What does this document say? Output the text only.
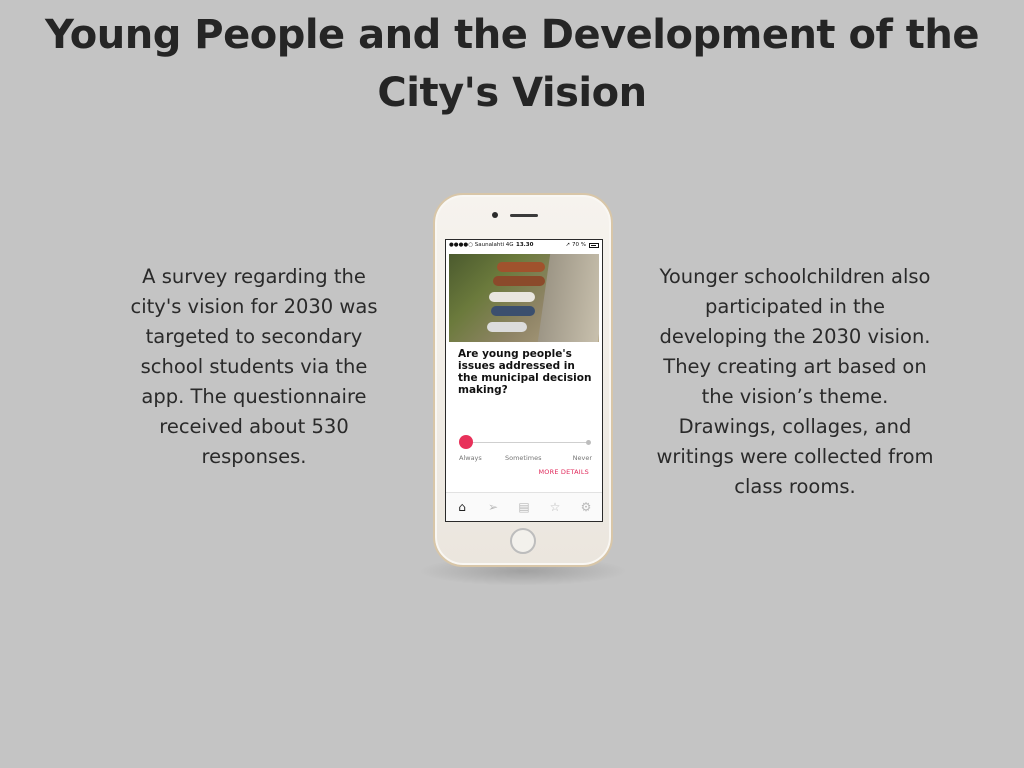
Young People and the Development of the City's Vision
A survey regarding the city's vision for 2030 was targeted to secondary school students via the app. The questionnaire received about 530 responses.
Younger schoolchildren also participated in the developing the 2030 vision.
They creating art based on the vision’s theme. Drawings, collages, and writings were collected from class rooms.
●●●●○ Saunalahti 4G 13.30	➚ 70 %
Are young people's issues addressed in the municipal decision making?
Always	Sometimes	Never
MORE DETAILS
⌂	➢ ▤ ☆ ⚙
